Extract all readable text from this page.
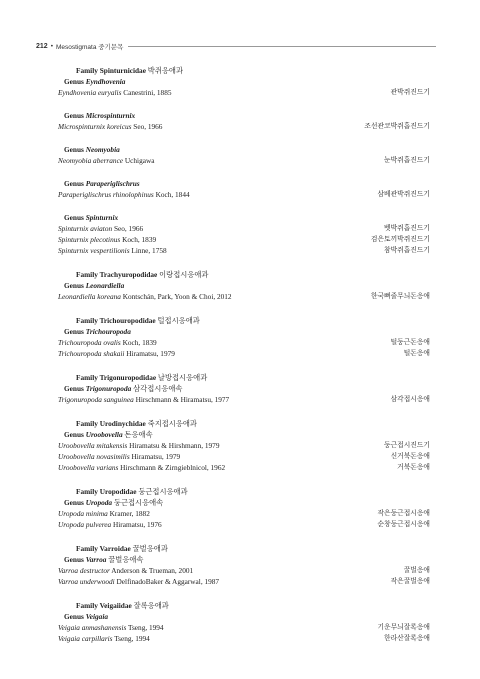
212 • Mesostigmata 중기문목
Family Spinturnicidae 박쥐응애과
Genus Eyndhovenia
Eyndhovenia euryalis Canestrini, 1885	관박쥐진드기
Genus Microspinturnix
Microspinturnix koreicus Seo, 1966	조선관코박쥐흡진드기
Genus Neomyobia
Neomyobia aberrance Uchigawa	눈박쥐흡진드기
Genus Paraperiglischrus
Paraperiglischrus rhinolophinus Koch, 1844	삼베관박쥐진드기
Genus Spinturnix
Spinturnix aviaton Seo, 1966	벳박쥐흡진드기
Spinturnix plecotinus Koch, 1839	검은토끼박쥐진드기
Spinturnix vespertilionis Linne, 1758	참박쥐흡진드기
Family Trachyuropodidae 이랑접시응애과
Genus Leonardiella
Leonardiella koreana Kontschán, Park, Yoon & Choi, 2012	한국뼈줄무늬돈응애
Family Trichouropodidae 털접시응애과
Genus Trichouropoda
Trichouropoda ovalis Koch, 1839	털둥근돈응애
Trichouropoda shakaii Hiramatsu, 1979	털돈응애
Family Trigonuropodidae 날방접시응애과
Genus Trigonuropoda 삼각접시응애속
Trigonuropoda sanguinea Hirschmann & Hiramatsu, 1977	삼각접시응애
Family Urodinychidae 죽지접시응애과
Genus Uroobovella 돈응애속
Uroobovella mitakensis Hiramatsu & Hirshmann, 1979	둥근접시진드기
Uroobovella novasimilis Hiramatsu, 1979	신거북돈응애
Uroobovella varians Hirschmann & Zirngieblnicol, 1962	거북돈응애
Family Uropodidae 둥근접시응애과
Genus Uropoda 둥근접시응애속
Uropoda minima Kramer, 1882	작은둥근접시응애
Uropoda pulverea Hiramatsu, 1976	순창둥근접시응애
Family Varroidae 꿀벌응애과
Genus Varroa 꿀벌응애속
Varroa destructor Anderson & Trueman, 2001	꿀벌응애
Varroa underwoodi DelfinadoBaker & Aggarwal, 1987	작은꿀벌응애
Family Veigaiidae 잘록응애과
Genus Veigaia
Veigaia anmashanensis Tseng, 1994	기운무늬잘록응애
Veigaia carpillaris Tseng, 1994	한라산잘록응애
